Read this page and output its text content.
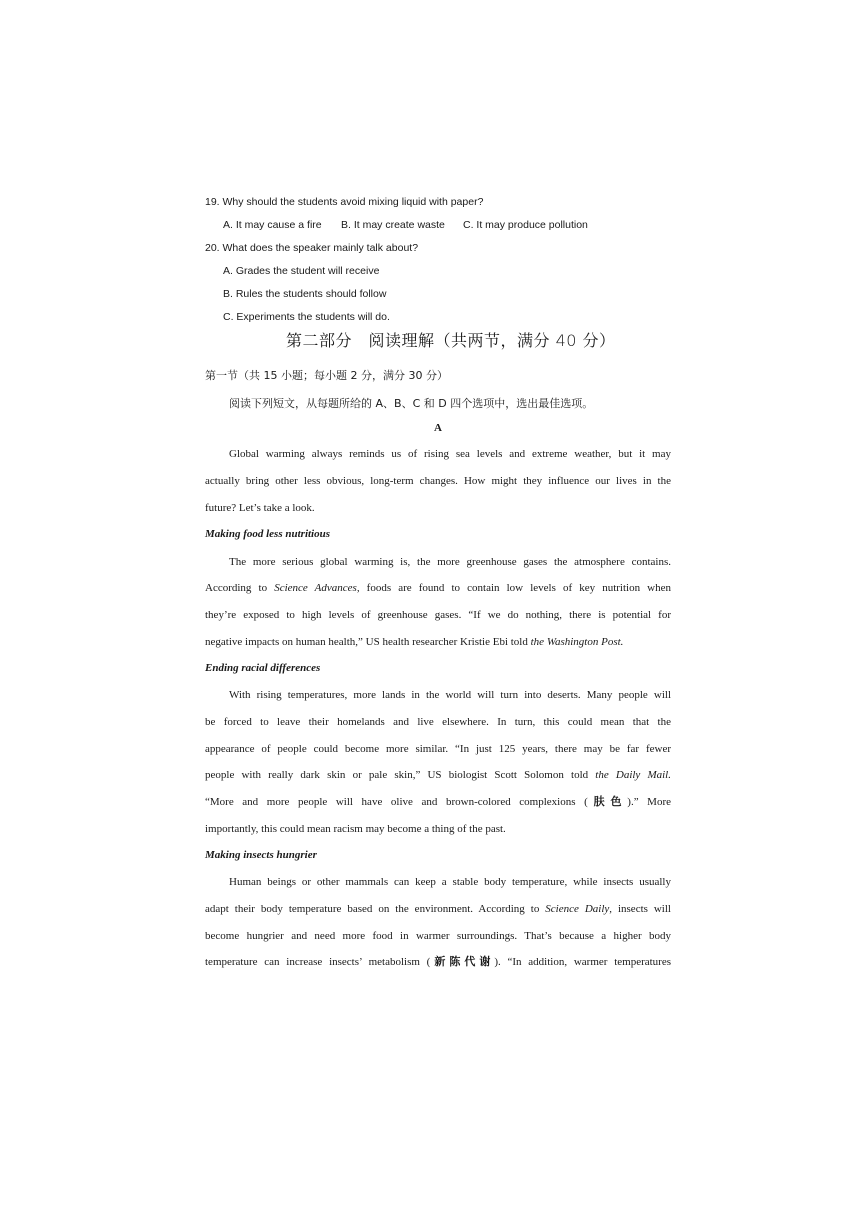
19. Why should the students avoid mixing liquid with paper?
A. It may cause a fire B. It may create waste C. It may produce pollution
20. What does the speaker mainly talk about?
A. Grades the student will receive
B. Rules the students should follow
C. Experiments the students will do.
第二部分　阅读理解（共两节，满分 40 分）
第一节（共 15 小题；每小题 2 分，满分 30 分）
阅读下列短文，从每题所给的 A、B、C 和 D 四个选项中，选出最佳选项。
A
Global warming always reminds us of rising sea levels and extreme weather, but it may
actually bring other less obvious, long-term changes. How might they influence our lives in the
future? Let’s take a look.
Making food less nutritious
The more serious global warming is, the more greenhouse gases the atmosphere contains.
According to Science Advances, foods are found to contain low levels of key nutrition when
they’re exposed to high levels of greenhouse gases. “If we do nothing, there is potential for
negative impacts on human health,” US health researcher Kristie Ebi told the Washington Post.
Ending racial differences
With rising temperatures, more lands in the world will turn into deserts. Many people will
be forced to leave their homelands and live elsewhere. In turn, this could mean that the
appearance of people could become more similar. “In just 125 years, there may be far fewer
people with really dark skin or pale skin,” US biologist Scott Solomon told the Daily Mail.
“More and more people will have olive and brown-colored complexions (肤色).” More
importantly, this could mean racism may become a thing of the past.
Making insects hungrier
Human beings or other mammals can keep a stable body temperature, while insects usually
adapt their body temperature based on the environment. According to Science Daily, insects will
become hungrier and need more food in warmer surroundings. That’s because a higher body
temperature can increase insects’ metabolism (新陈代谢). “In addition, warmer temperatures
